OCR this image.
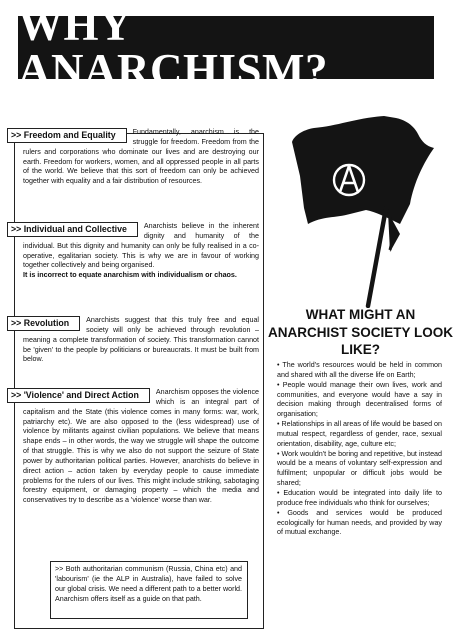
WHY ANARCHISM?
>> Freedom and Equality	Fundamentally, anarchism is the struggle for freedom. Freedom from the rulers and corporations who dominate our lives and are destroying our earth. Freedom for workers, women, and all oppressed people in all parts of the world. We believe that this sort of freedom can only be achieved together with equality and a fair distribution of resources.
>> Individual and Collective	Anarchists believe in the inherent dignity and humanity of the individual. But this dignity and humanity can only be fully realised in a co-operative, egalitarian society. This is why we are in favour of working together collectively and being organised.
It is incorrect to equate anarchism with individualism or chaos.
>> Revolution	Anarchists suggest that this truly free and equal society will only be achieved through revolution – meaning a complete transformation of society. This transformation cannot be 'given' to the people by politicians or bureaucrats. It must be built from below.
>> 'Violence' and Direct Action	Anarchism opposes the violence which is an integral part of capitalism and the State (this violence comes in many forms: war, work, patriarchy etc). We are also opposed to the (less widespread) use of violence by militants against civilian populations. We believe that means shape ends – in other words, the way we struggle will shape the outcome of that struggle. This is why we also do not support the seizure of State power by authoritarian political parties. However, anarchists do believe in direct action – action taken by everyday people to cause immediate problems for the rulers of our lives. This might include striking, sabotaging forestry equipment, or damaging property – which the media and conservatives try to describe as a 'violence' worse than war.
>> Both authoritarian communism (Russia, China etc) and 'labourism' (ie the ALP in Australia), have failed to solve our global crisis. We need a different path to a better world. Anarchism offers itself as a guide on that path.
WHAT MIGHT AN ANARCHIST SOCIETY LOOK LIKE?

• The world's resources would be held in common and shared with all the diverse life on Earth;

• People would manage their own lives, work and communities, and everyone would have a say in decision making through decentralised forms of organisation;

• Relationships in all areas of life would be based on mutual respect, regardless of gender, race, sexual orientation, disability, age, culture etc;

• Work wouldn't be boring and repetitive, but instead would be a means of voluntary self-expression and fulfilment; unpopular or difficult jobs would be shared;

• Education would be integrated into daily life to produce free individuals who think for ourselves;

• Goods and services would be produced ecologically for human needs, and provided by way of mutual exchange.
